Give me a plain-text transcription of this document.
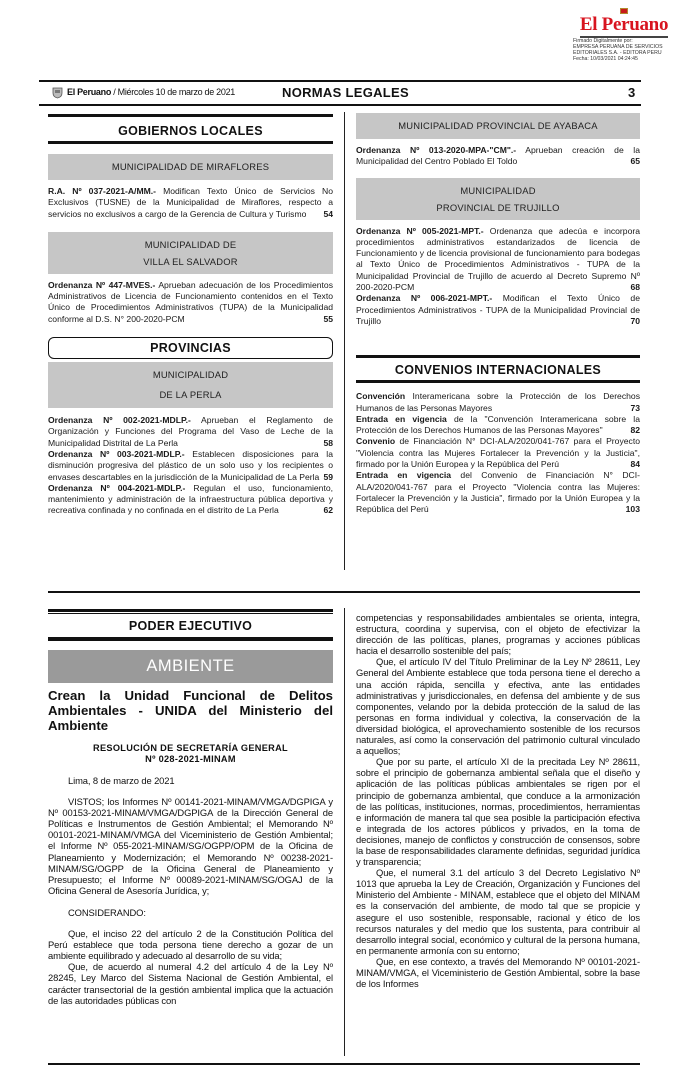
El Peruano
Firmado Digitalmente por:
EMPRESA PERUANA DE SERVICIOS
EDITORIALES S.A. - EDITORA PERU
Fecha: 10/03/2021 04:24:45
El Peruano / Miércoles 10 de marzo de 2021	NORMAS LEGALES	3
GOBIERNOS LOCALES
MUNICIPALIDAD DE MIRAFLORES
R.A. Nº 037-2021-A/MM.- Modifican Texto Único de Servicios No Exclusivos (TUSNE) de la Municipalidad de Miraflores, respecto a servicios no exclusivos a cargo de la Gerencia de Cultura y Turismo 54
MUNICIPALIDAD DE
VILLA EL SALVADOR
Ordenanza Nº 447-MVES.- Aprueban adecuación de los Procedimientos Administrativos de Licencia de Funcionamiento contenidos en el Texto Único de Procedimientos Administrativos (TUPA) de la Municipalidad conforme al D.S. N° 200-2020-PCM	55
PROVINCIAS
MUNICIPALIDAD
DE LA PERLA
Ordenanza Nº 002-2021-MDLP.- Aprueban el Reglamento de Organización y Funciones del Programa del Vaso de Leche de la Municipalidad Distrital de La Perla	58
Ordenanza Nº 003-2021-MDLP.- Establecen disposiciones para la disminución progresiva del plástico de un solo uso y los recipientes o envases descartables en la jurisdicción de la Municipalidad de La Perla 59
Ordenanza Nº 004-2021-MDLP.- Regulan el uso, funcionamiento, mantenimiento y administración de la infraestructura pública deportiva y recreativa confinada y no confinada en el distrito de La Perla	62
MUNICIPALIDAD PROVINCIAL DE AYABACA
Ordenanza Nº 013-2020-MPA-"CM".- Aprueban creación de la Municipalidad del Centro Poblado El Toldo	65
MUNICIPALIDAD
PROVINCIAL DE TRUJILLO
Ordenanza Nº 005-2021-MPT.- Ordenanza que adecúa e incorpora procedimientos administrativos estandarizados de licencia de Funcionamiento y de licencia provisional de funcionamiento para bodegas al Texto Único de Procedimientos Administrativos - TUPA de la Municipalidad Provincial de Trujillo de acuerdo al Decreto Supremo Nº 200-2020-PCM	68
Ordenanza Nº 006-2021-MPT.- Modifican el Texto Único de Procedimientos Administrativos - TUPA de la Municipalidad Provincial de Trujillo	70
CONVENIOS INTERNACIONALES
Convención Interamericana sobre la Protección de los Derechos Humanos de las Personas Mayores	73
Entrada en vigencia de la "Convención Interamericana sobre la Protección de los Derechos Humanos de las Personas Mayores"	82
Convenio de Financiación N° DCI-ALA/2020/041-767 para el Proyecto "Violencia contra las Mujeres Fortalecer la Prevención y la Justicia", firmado por la Unión Europea y la República del Perú	84
Entrada en vigencia del Convenio de Financiación N° DCI-ALA/2020/041-767 para el Proyecto "Violencia contra las Mujeres: Fortalecer la Prevención y la Justicia", firmado por la Unión Europea y la República del Perú	103
PODER EJECUTIVO
AMBIENTE
Crean la Unidad Funcional de Delitos Ambientales - UNIDA del Ministerio del Ambiente
RESOLUCIÓN DE SECRETARÍA GENERAL
Nº 028-2021-MINAM
Lima, 8 de marzo de 2021
VISTOS; los Informes Nº 00141-2021-MINAM/VMGA/DGPIGA y Nº 00153-2021-MINAM/VMGA/DGPIGA de la Dirección General de Políticas e Instrumentos de Gestión Ambiental; el Memorando Nº 00101-2021-MINAM/VMGA del Viceministerio de Gestión Ambiental; el Informe Nº 055-2021-MINAM/SG/OGPP/OPM de la Oficina de Planeamiento y Modernización; el Memorando Nº 00238-2021-MINAM/SG/OGPP de la Oficina General de Planeamiento y Presupuesto; el Informe Nº 00089-2021-MINAM/SG/OGAJ de la Oficina General de Asesoría Jurídica, y;
CONSIDERANDO:
Que, el inciso 22 del artículo 2 de la Constitución Política del Perú establece que toda persona tiene derecho a gozar de un ambiente equilibrado y adecuado al desarrollo de su vida;
Que, de acuerdo al numeral 4.2 del artículo 4 de la Ley Nº 28245, Ley Marco del Sistema Nacional de Gestión Ambiental, el carácter transectorial de la gestión ambiental implica que la actuación de las autoridades públicas con
competencias y responsabilidades ambientales se orienta, integra, estructura, coordina y supervisa, con el objeto de efectivizar la dirección de las políticas, planes, programas y acciones públicas hacia el desarrollo sostenible del país;
Que, el artículo IV del Título Preliminar de la Ley Nº 28611, Ley General del Ambiente establece que toda persona tiene el derecho a una acción rápida, sencilla y efectiva, ante las entidades administrativas y jurisdiccionales, en defensa del ambiente y de sus componentes, velando por la debida protección de la salud de las personas en forma individual y colectiva, la conservación de la diversidad biológica, el aprovechamiento sostenible de los recursos naturales, así como la conservación del patrimonio cultural vinculado a aquellos;
Que por su parte, el artículo XI de la precitada Ley Nº 28611, sobre el principio de gobernanza ambiental señala que el diseño y aplicación de las políticas públicas ambientales se rigen por el principio de gobernanza ambiental, que conduce a la armonización de las políticas, instituciones, normas, procedimientos, herramientas e información de manera tal que sea posible la participación efectiva e integrada de los actores públicos y privados, en la toma de decisiones, manejo de conflictos y construcción de consensos, sobre la base de responsabilidades claramente definidas, seguridad jurídica y transparencia;
Que, el numeral 3.1 del artículo 3 del Decreto Legislativo Nº 1013 que aprueba la Ley de Creación, Organización y Funciones del Ministerio del Ambiente - MINAM, establece que el objeto del MINAM es la conservación del ambiente, de modo tal que se propicie y asegure el uso sostenible, responsable, racional y ético de los recursos naturales y del medio que los sustenta, para contribuir al desarrollo integral social, económico y cultural de la persona humana, en permanente armonía con su entorno;
Que, en ese contexto, a través del Memorando Nº 00101-2021-MINAM/VMGA, el Viceministerio de Gestión Ambiental, sobre la base de los Informes
